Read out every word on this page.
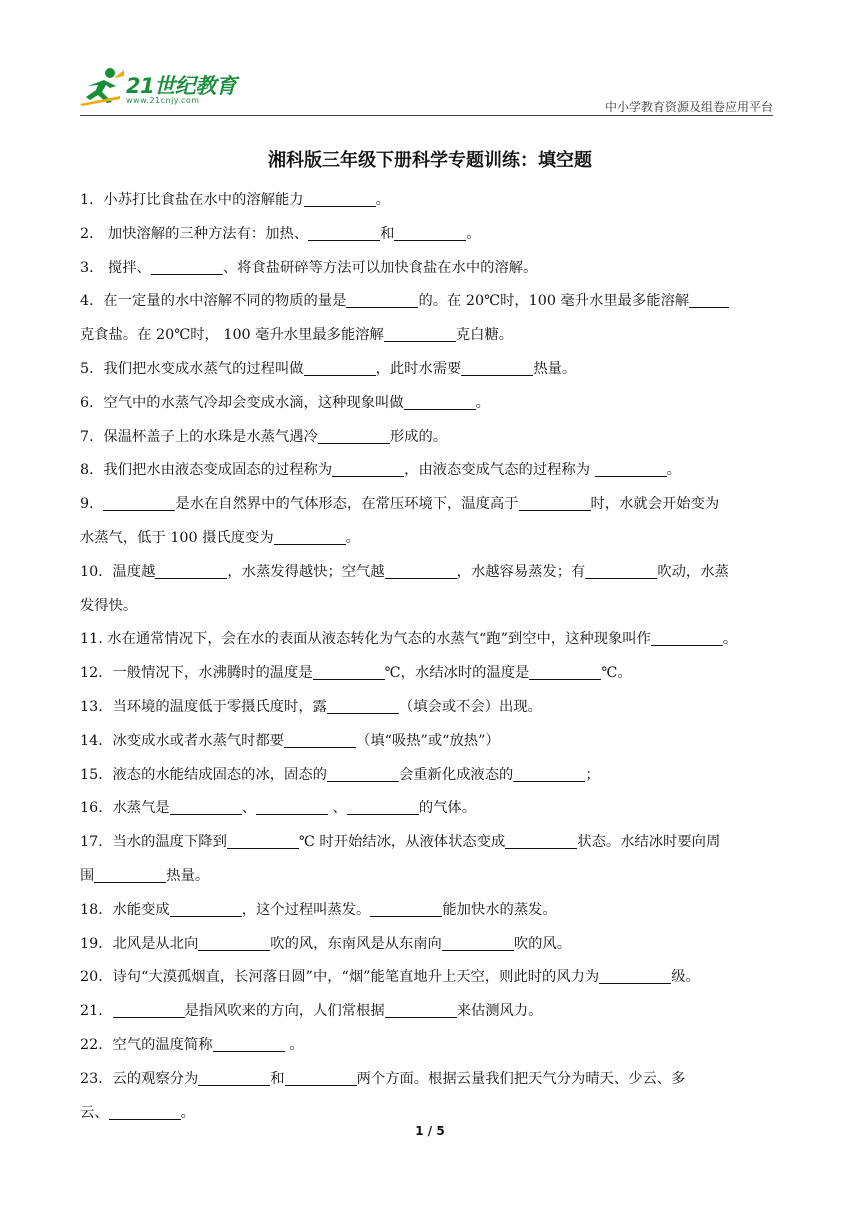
21世纪教育
www.21cnjy.com	中小学教育资源及组卷应用平台
湘科版三年级下册科学专题训练：填空题
1．小苏打比食盐在水中的溶解能力	。
2． 加快溶解的三种方法有：加热、	和	。
3． 搅拌、	、将食盐研碎等方法可以加快食盐在水中的溶解。
4．在一定量的水中溶解不同的物质的量是	的。在 20℃时，100 毫升水里最多能溶解
克食盐。在 20℃时， 100 毫升水里最多能溶解	克白糖。
5．我们把水变成水蒸气的过程叫做	，此时水需要	热量。
6．空气中的水蒸气冷却会变成水滴，这种现象叫做	。
7．保温杯盖子上的水珠是水蒸气遇冷	形成的。
8．我们把水由液态变成固态的过程称为	，由液态变成气态的过程称为	。
9．	是水在自然界中的气体形态，在常压环境下，温度高于	时，水就会开始变为
水蒸气，低于 100 摄氏度变为	。
10．温度越	，水蒸发得越快；空气越	，水越容易蒸发；有	吹动，水蒸
发得快。
11. 水在通常情况下，会在水的表面从液态转化为气态的水蒸气“跑”到空中，这种现象叫作	。
12．一般情况下，水沸腾时的温度是	℃，水结冰时的温度是	℃。
13．当环境的温度低于零摄氏度时，露	（填会或不会）出现。
14．冰变成水或者水蒸气时都要	（填“吸热”或“放热”）
15．液态的水能结成固态的冰，固态的	会重新化成液态的	；
16．水蒸气是	、	、	的气体。
17．当水的温度下降到	℃ 时开始结冰，从液体状态变成	状态。水结冰时要向周
围	热量。
18．水能变成	，这个过程叫蒸发。	能加快水的蒸发。
19．北风是从北向	吹的风，东南风是从东南向	吹的风。
20．诗句“大漠孤烟直，长河落日圆”中，“烟”能笔直地升上天空，则此时的风力为	级。
21．	是指风吹来的方向，人们常根据	来估测风力。
22．空气的温度简称	。
23．云的观察分为	和	两个方面。根据云量我们把天气分为晴天、少云、多
云、	。
1 / 5
